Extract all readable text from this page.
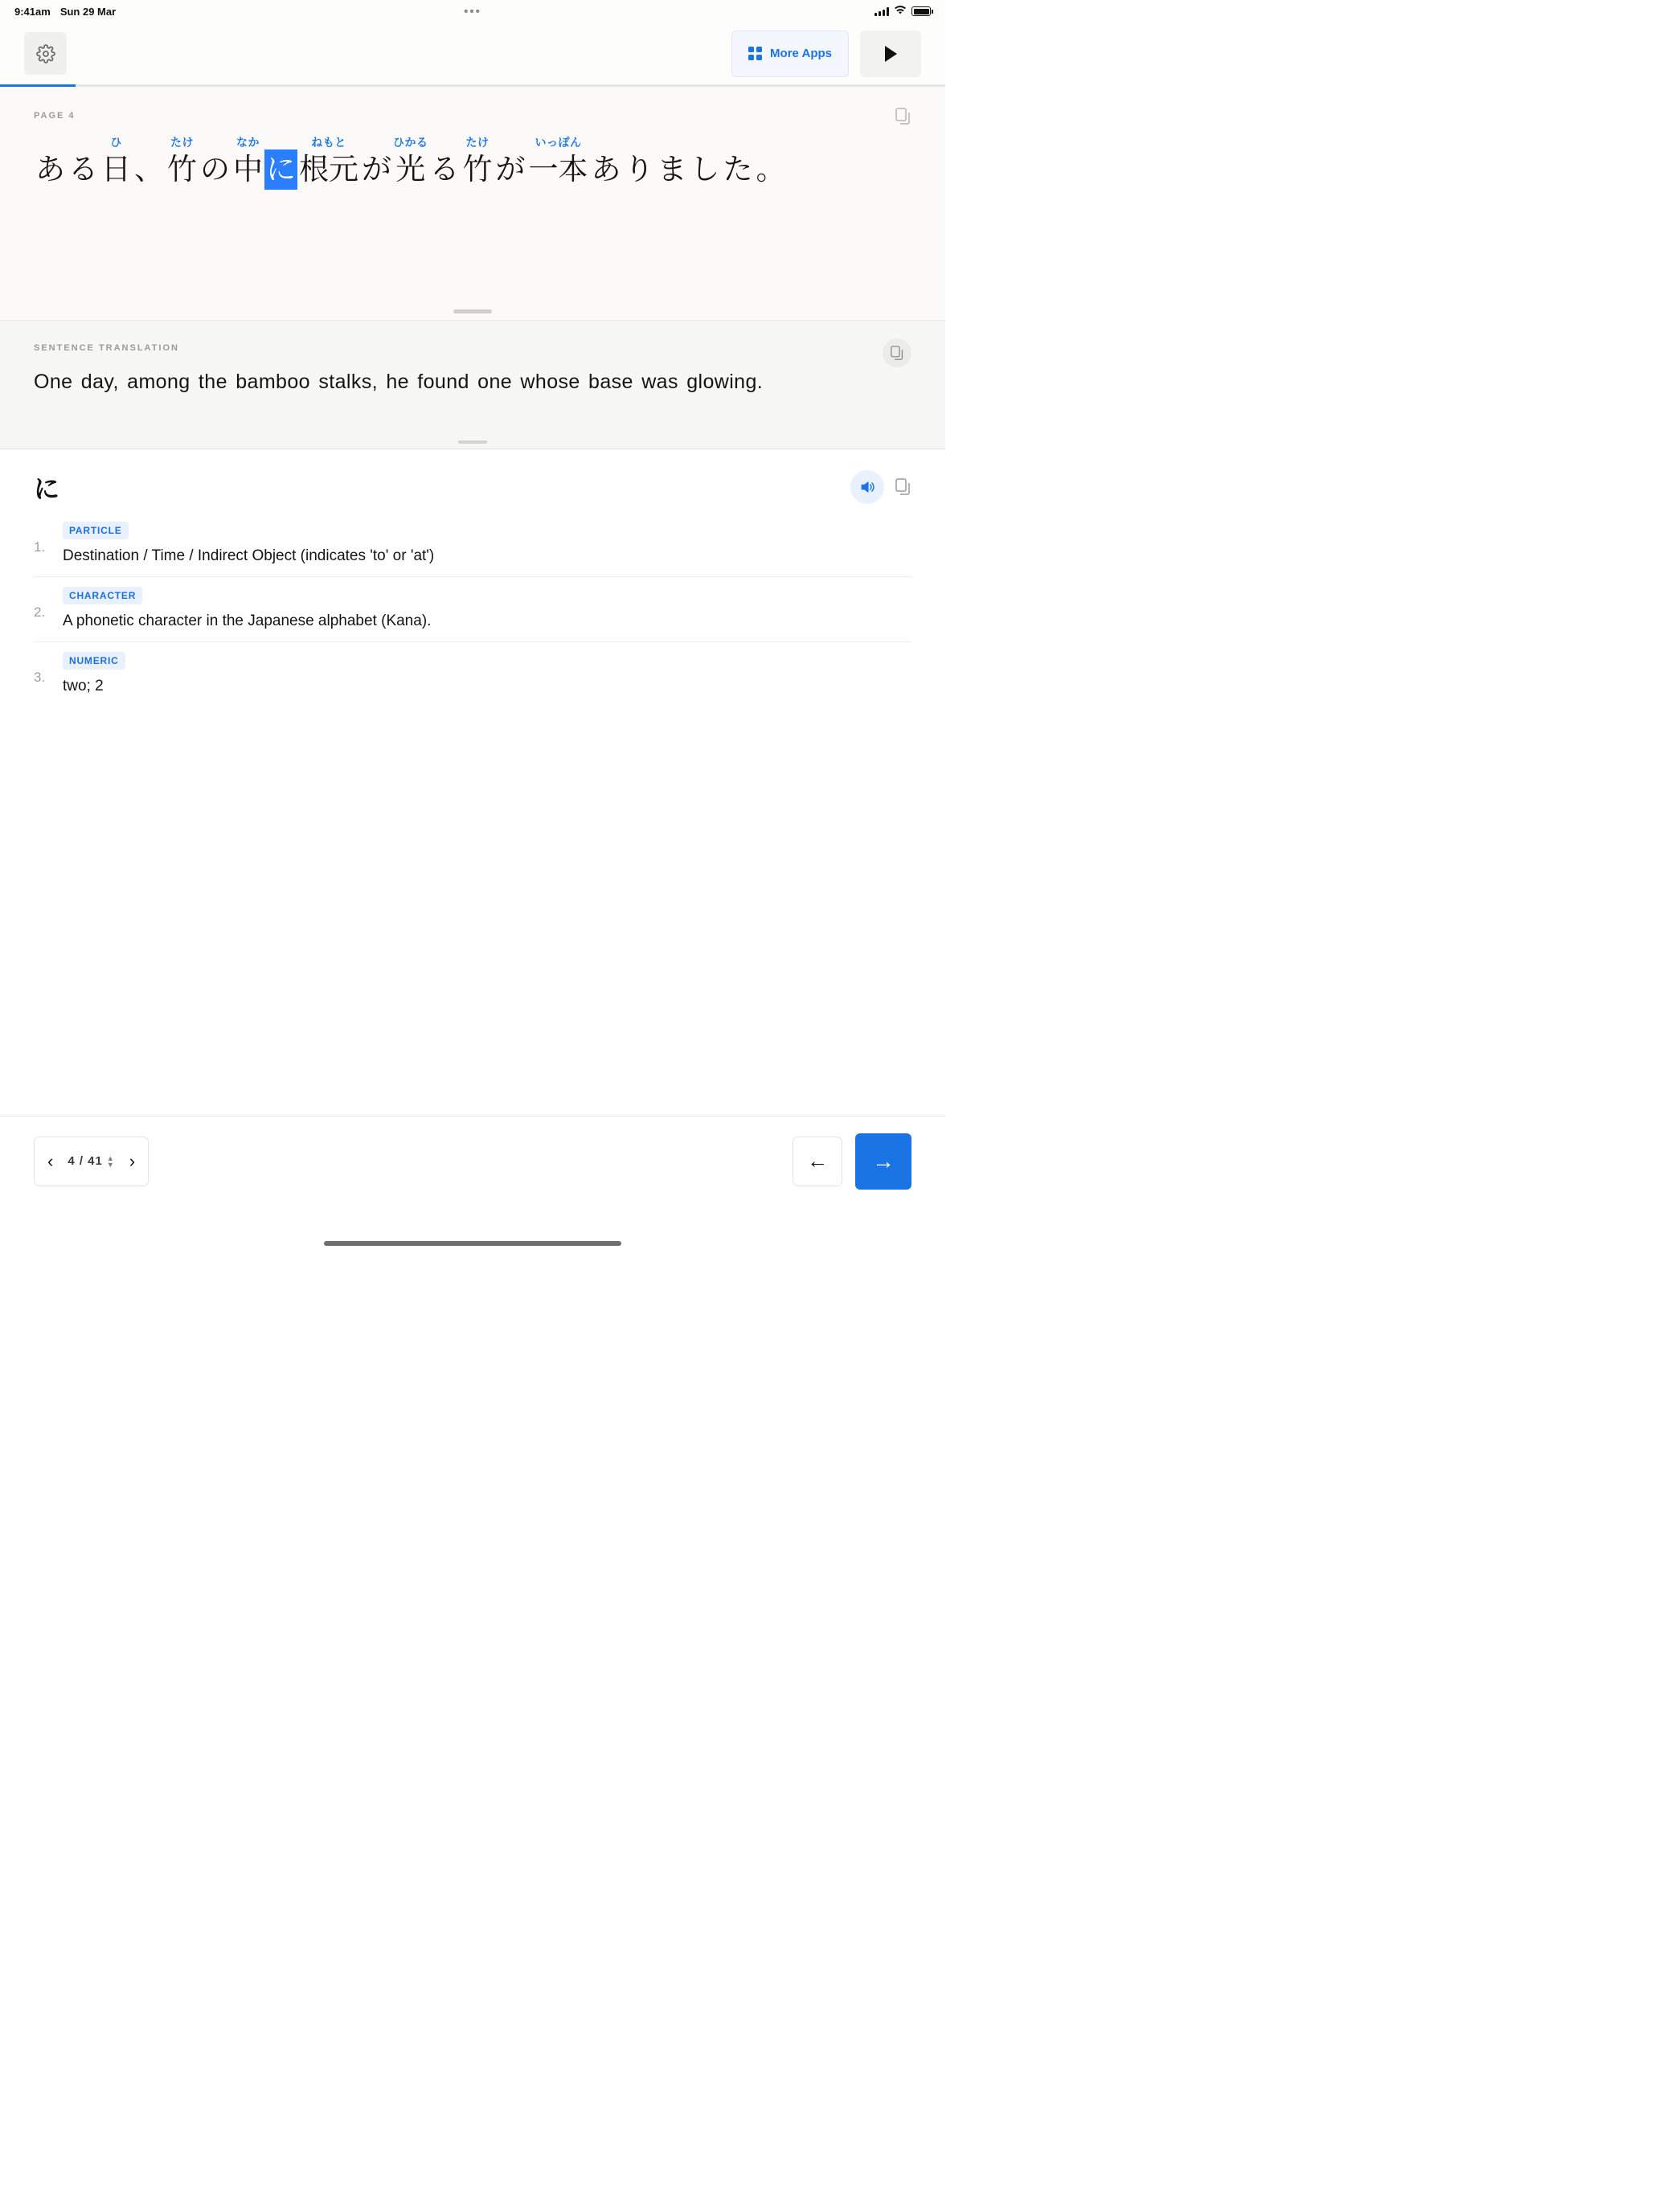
9:41am Sun 29 Mar	•••
More Apps
PAGE 4
あ る
ひ
日 、
たけ
竹 の
なか
中 に
ねもと
根元 が
ひかる
光 る
たけ
竹 が
いっぽん
一本 あ り ま し た 。
SENTENCE TRANSLATION
One day, among the bamboo stalks, he found one whose base was glowing.
に
1.
PARTICLE
Destination / Time / Indirect Object (indicates 'to' or 'at')
2.
CHARACTER
A phonetic character in the Japanese alphabet (Kana).
3.
NUMERIC
two; 2
‹ 4 / 41 ▲
▼ ›	←	→
